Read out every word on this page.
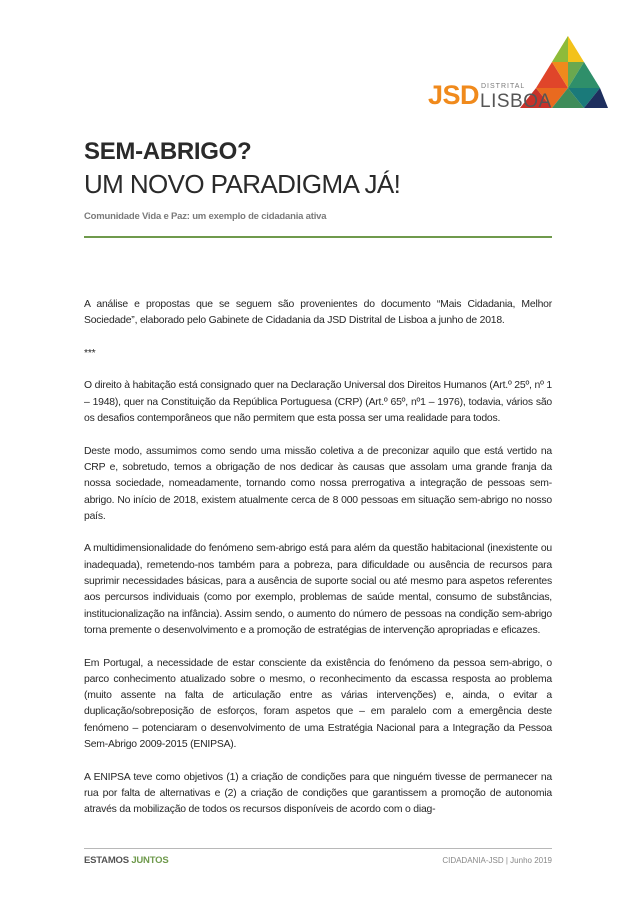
JSD DISTRITAL
LISBOA
SEM-ABRIGO?
UM NOVO PARADIGMA JÁ!
Comunidade Vida e Paz: um exemplo de cidadania ativa

A análise e propostas que se seguem são provenientes do documento “Mais Cidadania, Melhor Sociedade”, elaborado pelo Gabinete de Cidadania da JSD Distrital de Lisboa a junho de 2018.

***

O direito à habitação está consignado quer na Declaração Universal dos Direitos Humanos (Art.º 25º, nº 1 – 1948), quer na Constituição da República Portuguesa (CRP) (Art.º 65º, nº1 – 1976), todavia, vários são os desafios contemporâneos que não permitem que esta possa ser uma realidade para todos.

Deste modo, assumimos como sendo uma missão coletiva a de preconizar aquilo que está vertido na CRP e, sobretudo, temos a obrigação de nos dedicar às causas que assolam uma grande franja da nossa sociedade, nomeadamente, tornando como nossa prerrogativa a integração de pessoas sem-abrigo. No início de 2018, existem atualmente cerca de 8 000 pessoas em situação sem-abrigo no nosso país.

A multidimensionalidade do fenómeno sem-abrigo está para além da questão habitacional (inexistente ou inadequada), remetendo-nos também para a pobreza, para dificuldade ou ausência de recursos para suprimir necessidades básicas, para a ausência de suporte social ou até mesmo para aspetos referentes aos percursos individuais (como por exemplo, problemas de saúde mental, consumo de substâncias, institucionalização na infância). Assim sendo, o aumento do número de pessoas na condição sem-abrigo torna premente o desenvolvimento e a promoção de estratégias de intervenção apropriadas e eficazes.

Em Portugal, a necessidade de estar consciente da existência do fenómeno da pessoa sem-abrigo, o parco conhecimento atualizado sobre o mesmo, o reconhecimento da escassa resposta ao problema (muito assente na falta de articulação entre as várias intervenções) e, ainda, o evitar a duplicação/sobreposição de esforços, foram aspetos que – em paralelo com a emergência deste fenómeno – potenciaram o desenvolvimento de uma Estratégia Nacional para a Integração da Pessoa Sem-Abrigo 2009-2015 (ENIPSA).

A ENIPSA teve como objetivos (1) a criação de condições para que ninguém tivesse de permanecer na rua por falta de alternativas e (2) a criação de condições que garantissem a promoção de autonomia através da mobilização de todos os recursos disponíveis de acordo com o diag-

ESTAMOS JUNTOS	CIDADANIA-JSD | Junho 2019
